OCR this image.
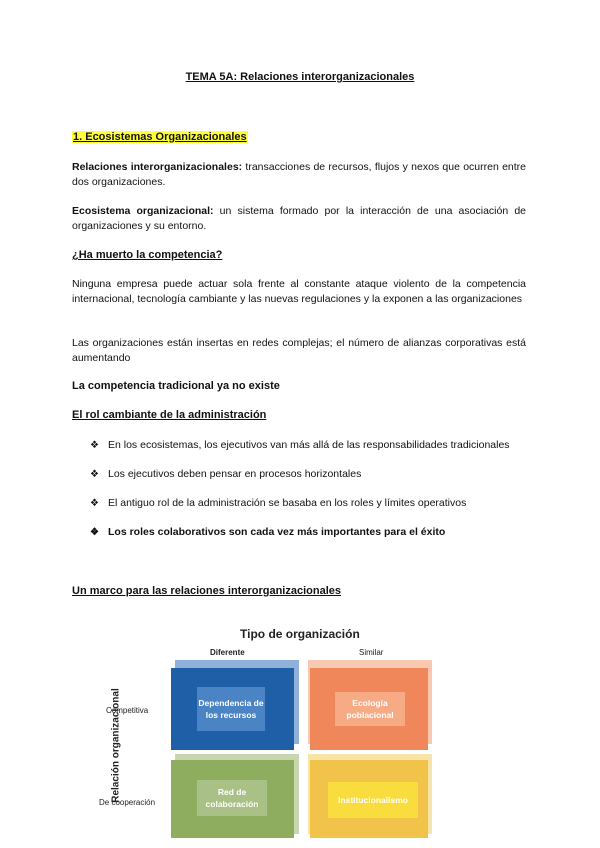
TEMA 5A: Relaciones interorganizacionales
1. Ecosistemas Organizacionales
Relaciones interorganizacionales: transacciones de recursos, flujos y nexos que ocurren entre dos organizaciones.
Ecosistema organizacional: un sistema formado por la interacción de una asociación de organizaciones y su entorno.
¿Ha muerto la competencia?
Ninguna empresa puede actuar sola frente al constante ataque violento de la competencia internacional, tecnología cambiante y las nuevas regulaciones y la exponen a las organizaciones
Las organizaciones están insertas en redes complejas; el número de alianzas corporativas está aumentando
La competencia tradicional ya no existe
El rol cambiante de la administración
❖ En los ecosistemas, los ejecutivos van más allá de las responsabilidades tradicionales
❖ Los ejecutivos deben pensar en procesos horizontales
❖ El antiguo rol de la administración se basaba en los roles y límites operativos
❖ Los roles colaborativos son cada vez más importantes para el éxito
Un marco para las relaciones interorganizacionales
Tipo de organización
Diferente	Similar
Relación organizacional
Competitiva
De cooperación
Dependencia de los recursos
Ecología poblacional
Red de colaboración	Institucionalismo
